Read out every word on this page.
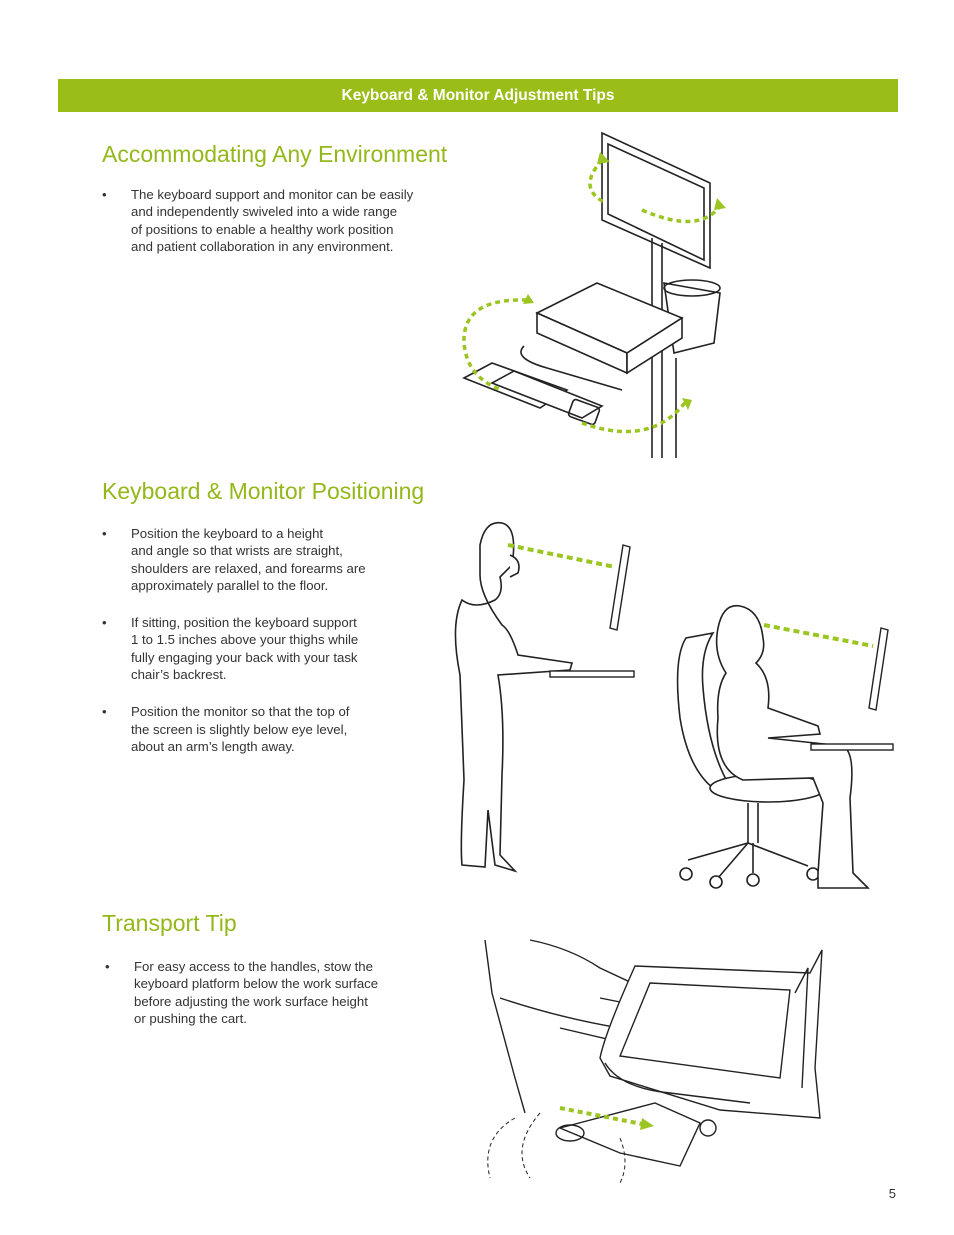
Keyboard & Monitor Adjustment Tips
Accommodating Any Environment
• The keyboard support and monitor can be easily
and independently swiveled into a wide range
of positions to enable a healthy work position
and patient collaboration in any environment.
Keyboard & Monitor Positioning
• Position the keyboard to a height
and angle so that wrists are straight,
shoulders are relaxed, and forearms are
approximately parallel to the floor.
• If sitting, position the keyboard support
1 to 1.5 inches above your thighs while
fully engaging your back with your task
chair’s backrest.
• Position the monitor so that the top of
the screen is slightly below eye level,
about an arm’s length away.
Transport Tip
• For easy access to the handles, stow the
keyboard platform below the work surface
before adjusting the work surface height
or pushing the cart.
5
